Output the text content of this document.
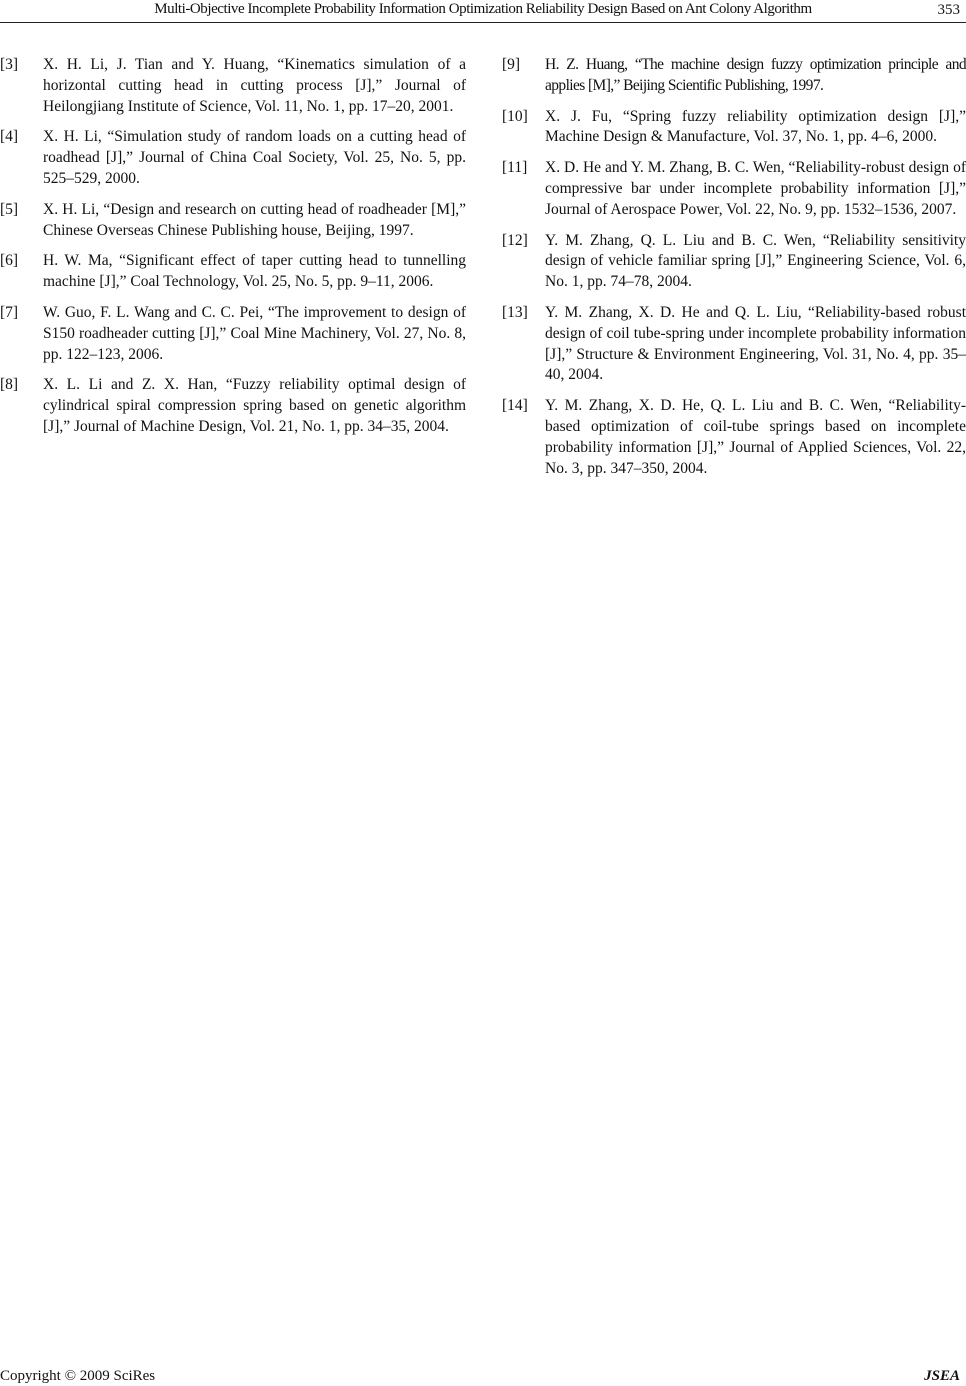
Multi-Objective Incomplete Probability Information Optimization Reliability Design Based on Ant Colony Algorithm	353
[3]	X. H. Li, J. Tian and Y. Huang, “Kinematics simulation of a horizontal cutting head in cutting process [J],” Journal of Heilongjiang Institute of Science, Vol. 11, No. 1, pp. 17–20, 2001.
[4]	X. H. Li, “Simulation study of random loads on a cutting head of roadhead [J],” Journal of China Coal Society, Vol. 25, No. 5, pp. 525–529, 2000.
[5]	X. H. Li, “Design and research on cutting head of roadheader [M],” Chinese Overseas Chinese Publishing house, Beijing, 1997.
[6]	H. W. Ma, “Significant effect of taper cutting head to tunnelling machine [J],” Coal Technology, Vol. 25, No. 5, pp. 9–11, 2006.
[7]	W. Guo, F. L. Wang and C. C. Pei, “The improvement to design of S150 roadheader cutting [J],” Coal Mine Machinery, Vol. 27, No. 8, pp. 122–123, 2006.
[8]	X. L. Li and Z. X. Han, “Fuzzy reliability optimal design of cylindrical spiral compression spring based on genetic algorithm [J],” Journal of Machine Design, Vol. 21, No. 1, pp. 34–35, 2004.
[9]	H. Z. Huang, “The machine design fuzzy optimization principle and applies [M],” Beijing Scientific Publishing, 1997.
[10]	X. J. Fu, “Spring fuzzy reliability optimization design [J],” Machine Design & Manufacture, Vol. 37, No. 1, pp. 4–6, 2000.
[11]	X. D. He and Y. M. Zhang, B. C. Wen, “Reliability-robust design of compressive bar under incomplete probability information [J],” Journal of Aerospace Power, Vol. 22, No. 9, pp. 1532–1536, 2007.
[12]	Y. M. Zhang, Q. L. Liu and B. C. Wen, “Reliability sensitivity design of vehicle familiar spring [J],” Engineering Science, Vol. 6, No. 1, pp. 74–78, 2004.
[13]	Y. M. Zhang, X. D. He and Q. L. Liu, “Reliability-based robust design of coil tube-spring under incomplete probability information [J],” Structure & Environment Engineering, Vol. 31, No. 4, pp. 35–40, 2004.
[14]	Y. M. Zhang, X. D. He, Q. L. Liu and B. C. Wen, “Reliability-based optimization of coil-tube springs based on incomplete probability information [J],” Journal of Applied Sciences, Vol. 22, No. 3, pp. 347–350, 2004.
Copyright © 2009 SciRes	JSEA
